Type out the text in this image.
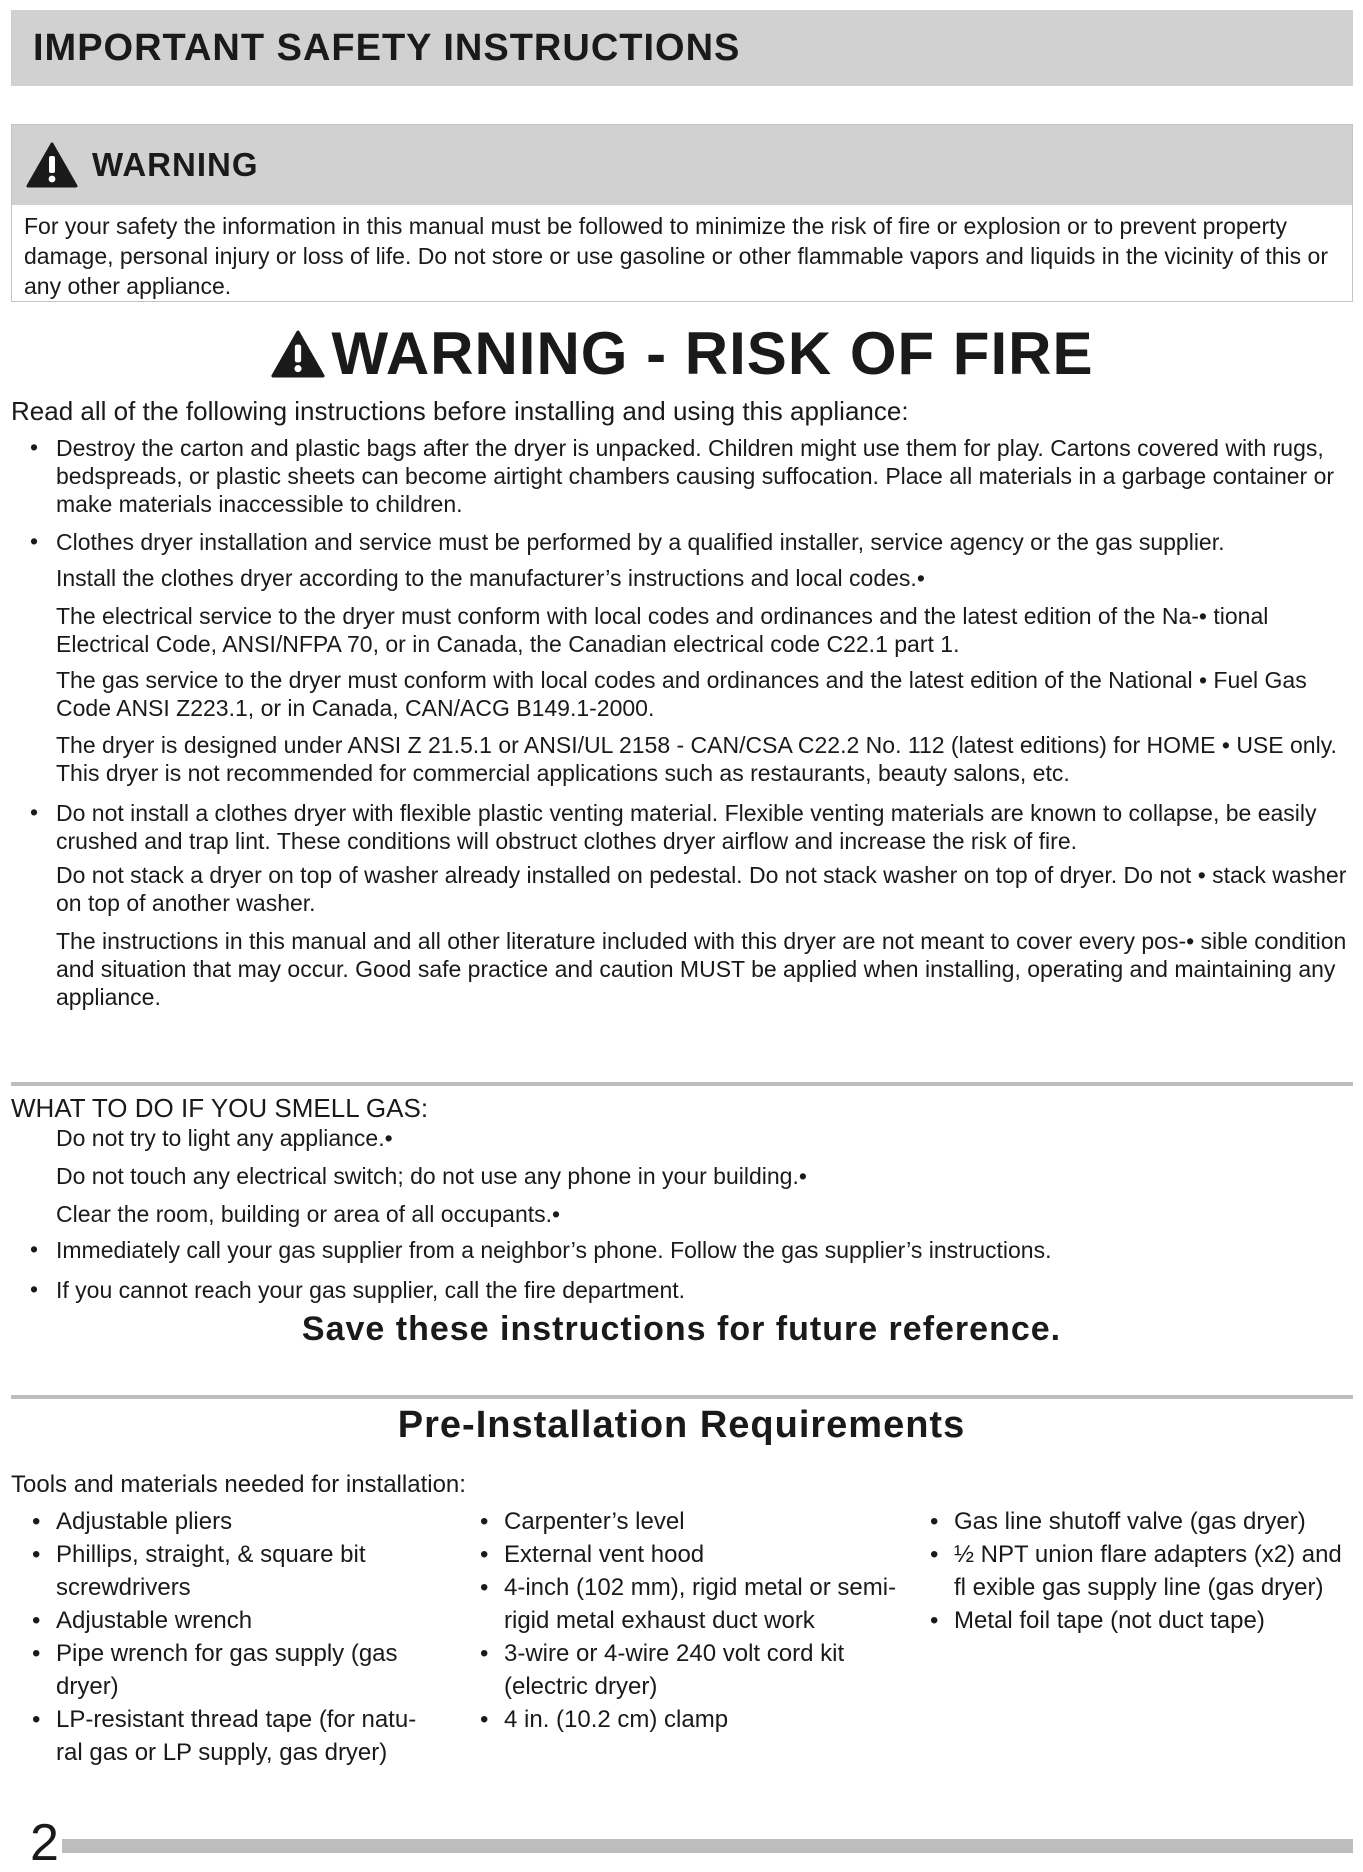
IMPORTANT SAFETY INSTRUCTIONS
WARNING
For your safety the information in this manual must be followed to minimize the risk of fire or explosion or to prevent property damage, personal injury or loss of life. Do not store or use gasoline or other flammable vapors and liquids in the vicinity of this or any other appliance.
WARNING - RISK OF FIRE
Read all of the following instructions before installing and using this appliance:
• Destroy the carton and plastic bags after the dryer is unpacked. Children might use them for play. Cartons covered with rugs, bedspreads, or plastic sheets can become airtight chambers causing suffocation. Place all materials in a garbage container or make materials inaccessible to children.
• Clothes dryer installation and service must be performed by a qualified installer, service agency or the gas supplier.
Install the clothes dryer according to the manufacturer’s instructions and local codes.•
The electrical service to the dryer must conform with local codes and ordinances and the latest edition of the Na-• tional Electrical Code, ANSI/NFPA 70, or in Canada, the Canadian electrical code C22.1 part 1.
The gas service to the dryer must conform with local codes and ordinances and the latest edition of the National • Fuel Gas Code ANSI Z223.1, or in Canada, CAN/ACG B149.1-2000.
The dryer is designed under ANSI Z 21.5.1 or ANSI/UL 2158 - CAN/CSA C22.2 No. 112 (latest editions) for HOME • USE only. This dryer is not recommended for commercial applications such as restaurants, beauty salons, etc.
• Do not install a clothes dryer with flexible plastic venting material. Flexible venting materials are known to collapse, be easily crushed and trap lint. These conditions will obstruct clothes dryer airflow and increase the risk of fire.
Do not stack a dryer on top of washer already installed on pedestal. Do not stack washer on top of dryer. Do not • stack washer on top of another washer.
The instructions in this manual and all other literature included with this dryer are not meant to cover every pos-• sible condition and situation that may occur. Good safe practice and caution MUST be applied when installing, operating and maintaining any appliance.
WHAT TO DO IF YOU SMELL GAS:
Do not try to light any appliance.•
Do not touch any electrical switch; do not use any phone in your building.•
Clear the room, building or area of all occupants.•
• Immediately call your gas supplier from a neighbor’s phone. Follow the gas supplier’s instructions.
• If you cannot reach your gas supplier, call the fire department.
Save these instructions for future reference.
Pre-Installation Requirements
Tools and materials needed for installation:
• Adjustable pliers
• Phillips, straight, & square bit screwdrivers
• Adjustable wrench
• Pipe wrench for gas supply (gas dryer)
• LP-resistant thread tape (for natu-ral gas or LP supply, gas dryer)
• Carpenter’s level
• External vent hood
• 4-inch (102 mm), rigid metal or semi-rigid metal exhaust duct work
• 3-wire or 4-wire 240 volt cord kit (electric dryer)
• 4 in. (10.2 cm) clamp
• Gas line shutoff valve (gas dryer)
• ½ NPT union flare adapters (x2) and fl exible gas supply line (gas dryer)
• Metal foil tape (not duct tape)
2
